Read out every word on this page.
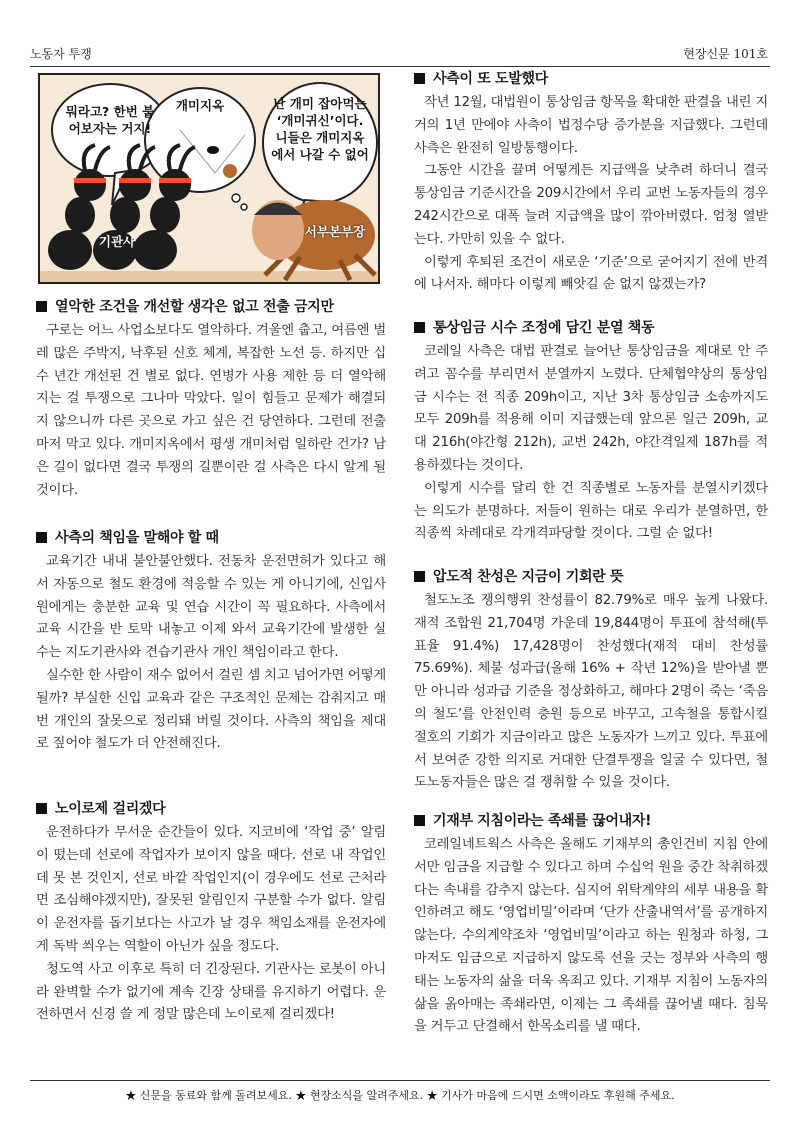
노동자 투쟁	현장신문 101호
뭐라고? 한번 붙어보자는 거지!
개미지옥	난 개미 잡아먹는 ‘개미귀신’이다. 니들은 개미지옥 에서 나갈 수 없어
기관사
서부본부장
열악한 조건을 개선할 생각은 없고 전출 금지만

구로는 어느 사업소보다도 열악하다. 겨울엔 춥고, 여름엔 벌레 많은 주박지, 낙후된 신호 체계, 복잡한 노선 등. 하지만 십수 년간 개선된 건 별로 없다. 연병가 사용 제한 등 더 열악해지는 걸 투쟁으로 그나마 막았다. 일이 힘들고 문제가 해결되지 않으니까 다른 곳으로 가고 싶은 건 당연하다. 그런데 전출마저 막고 있다. 개미지옥에서 평생 개미처럼 일하란 건가? 남은 길이 없다면 결국 투쟁의 길뿐이란 걸 사측은 다시 알게 될 것이다.

사측의 책임을 말해야 할 때

교육기간 내내 불안불안했다. 전동차 운전면허가 있다고 해서 자동으로 철도 환경에 적응할 수 있는 게 아니기에, 신입사원에게는 충분한 교육 및 연습 시간이 꼭 필요하다. 사측에서 교육 시간을 반 토막 내놓고 이제 와서 교육기간에 발생한 실수는 지도기관사와 견습기관사 개인 책임이라고 한다.

실수한 한 사람이 재수 없어서 걸린 셈 치고 넘어가면 어떻게 될까? 부실한 신입 교육과 같은 구조적인 문제는 감춰지고 매번 개인의 잘못으로 정리돼 버릴 것이다. 사측의 책임을 제대로 짚어야 철도가 더 안전해진다.

노이로제 걸리겠다

운전하다가 무서운 순간들이 있다. 지코비에 ‘작업 중’ 알림이 떴는데 선로에 작업자가 보이지 않을 때다. 선로 내 작업인데 못 본 것인지, 선로 바깥 작업인지(이 경우에도 선로 근처라면 조심해야겠지만), 잘못된 알림인지 구분할 수가 없다. 알림이 운전자를 돕기보다는 사고가 날 경우 책임소재를 운전자에게 독박 씌우는 역할이 아닌가 싶을 정도다.

청도역 사고 이후로 특히 더 긴장된다. 기관사는 로봇이 아니라 완벽할 수가 없기에 계속 긴장 상태를 유지하기 어렵다. 운전하면서 신경 쓸 게 정말 많은데 노이로제 걸리겠다!

사측이 또 도발했다

작년 12월, 대법원이 통상임금 항목을 확대한 판결을 내린 지 거의 1년 만에야 사측이 법정수당 증가분을 지급했다. 그런데 사측은 완전히 일방통행이다.

그동안 시간을 끌며 어떻게든 지급액을 낮추려 하더니 결국 통상임금 기준시간을 209시간에서 우리 교번 노동자들의 경우 242시간으로 대폭 늘려 지급액을 많이 깎아버렸다. 엄청 열받는다. 가만히 있을 수 없다.

이렇게 후퇴된 조건이 새로운 ‘기준’으로 굳어지기 전에 반격에 나서자. 해마다 이렇게 빼앗길 순 없지 않겠는가?

통상임금 시수 조정에 담긴 분열 책동

코레일 사측은 대법 판결로 늘어난 통상임금을 제대로 안 주려고 꼼수를 부리면서 분열까지 노렸다. 단체협약상의 통상임금 시수는 전 직종 209h이고, 지난 3차 통상임금 소송까지도 모두 209h를 적용해 이미 지급했는데 앞으론 일근 209h, 교대 216h(야간형 212h), 교번 242h, 야간격일제 187h를 적용하겠다는 것이다.

이렇게 시수를 달리 한 건 직종별로 노동자를 분열시키겠다는 의도가 분명하다. 저들이 원하는 대로 우리가 분열하면, 한 직종씩 차례대로 각개격파당할 것이다. 그럴 순 없다!

압도적 찬성은 지금이 기회란 뜻

철도노조 쟁의행위 찬성률이 82.79%로 매우 높게 나왔다. 재적 조합원 21,704명 가운데 19,844명이 투표에 참석해(투표율 91.4%) 17,428명이 찬성했다(재적 대비 찬성률 75.69%). 체불 성과급(올해 16% + 작년 12%)을 받아낼 뿐만 아니라 성과급 기준을 정상화하고, 해마다 2명이 죽는 ‘죽음의 철도’를 안전인력 충원 등으로 바꾸고, 고속철을 통합시킬 절호의 기회가 지금이라고 많은 노동자가 느끼고 있다. 투표에서 보여준 강한 의지로 거대한 단결투쟁을 일굴 수 있다면, 철도노동자들은 많은 걸 쟁취할 수 있을 것이다.

기재부 지침이라는 족쇄를 끊어내자!

코레일네트웍스 사측은 올해도 기재부의 총인건비 지침 안에서만 임금을 지급할 수 있다고 하며 수십억 원을 중간 착취하겠다는 속내를 감추지 않는다. 심지어 위탁계약의 세부 내용을 확인하려고 해도 ‘영업비밀’이라며 ‘단가 산출내역서’를 공개하지 않는다. 수의계약조차 ‘영업비밀’이라고 하는 원청과 하청, 그마저도 임금으로 지급하지 않도록 선을 긋는 정부와 사측의 행태는 노동자의 삶을 더욱 옥죄고 있다. 기재부 지침이 노동자의 삶을 옭아매는 족쇄라면, 이제는 그 족쇄를 끊어낼 때다. 침묵을 거두고 단결해서 한목소리를 낼 때다.

★ 신문을 동료와 함께 돌려보세요. ★ 현장소식을 알려주세요. ★ 기사가 마음에 드시면 소액이라도 후원해 주세요.
